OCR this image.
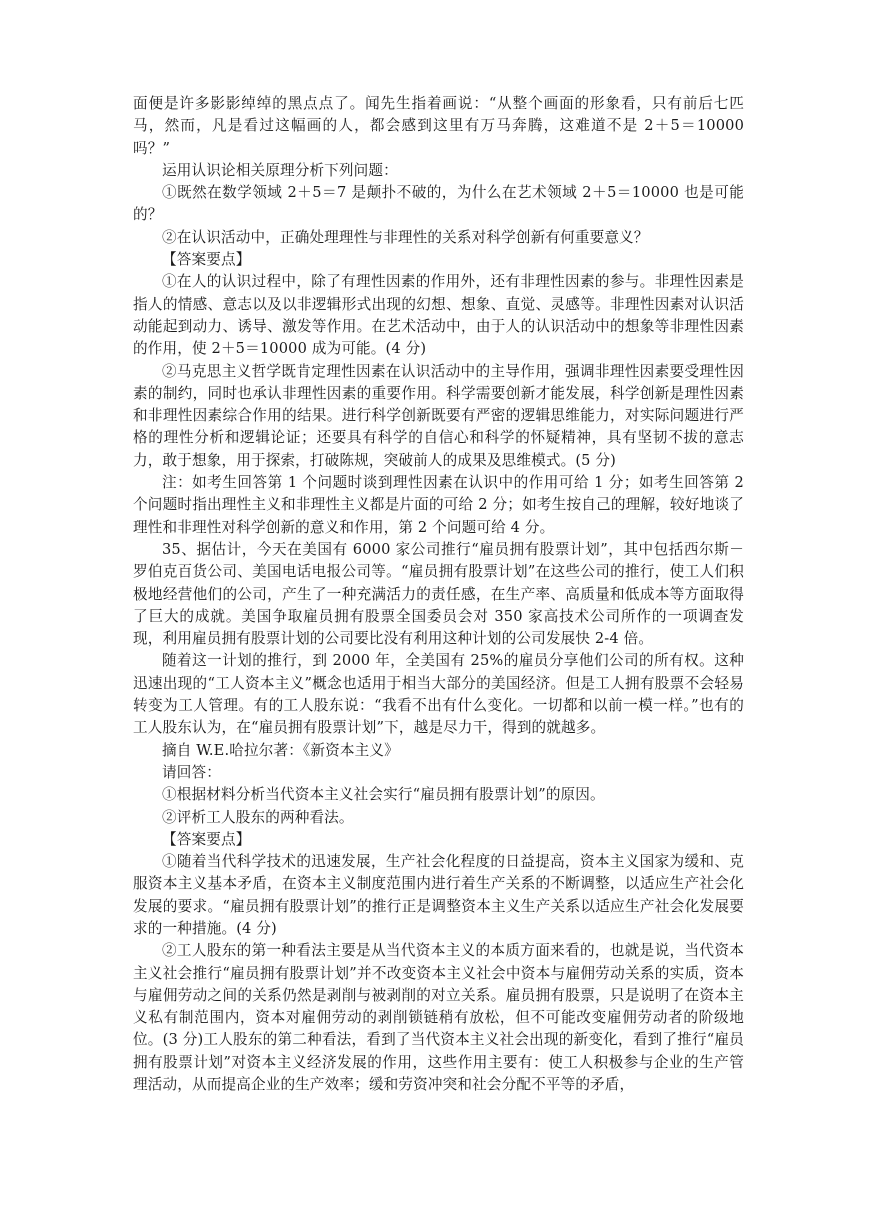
面便是许多影影绰绰的黑点点了。闻先生指着画说：“从整个画面的形象看，只有前后七匹马，然而，凡是看过这幅画的人，都会感到这里有万马奔腾，这难道不是 2＋5＝10000 吗？”

运用认识论相关原理分析下列问题：

①既然在数学领域 2＋5＝7 是颠扑不破的，为什么在艺术领域 2＋5＝10000 也是可能的？

②在认识活动中，正确处理理性与非理性的关系对科学创新有何重要意义？

【答案要点】

①在人的认识过程中，除了有理性因素的作用外，还有非理性因素的参与。非理性因素是指人的情感、意志以及以非逻辑形式出现的幻想、想象、直觉、灵感等。非理性因素对认识活动能起到动力、诱导、激发等作用。在艺术活动中，由于人的认识活动中的想象等非理性因素的作用，使 2＋5＝10000 成为可能。(4 分)

②马克思主义哲学既肯定理性因素在认识活动中的主导作用，强调非理性因素要受理性因素的制约，同时也承认非理性因素的重要作用。科学需要创新才能发展，科学创新是理性因素和非理性因素综合作用的结果。进行科学创新既要有严密的逻辑思维能力，对实际问题进行严格的理性分析和逻辑论证；还要具有科学的自信心和科学的怀疑精神，具有坚韧不拔的意志力，敢于想象，用于探索，打破陈规，突破前人的成果及思维模式。(5 分)

注：如考生回答第 1 个问题时谈到理性因素在认识中的作用可给 1 分；如考生回答第 2 个问题时指出理性主义和非理性主义都是片面的可给 2 分；如考生按自己的理解，较好地谈了理性和非理性对科学创新的意义和作用，第 2 个问题可给 4 分。

35、据估计，今天在美国有 6000 家公司推行“雇员拥有股票计划”，其中包括西尔斯－罗伯克百货公司、美国电话电报公司等。“雇员拥有股票计划”在这些公司的推行，使工人们积极地经营他们的公司，产生了一种充满活力的责任感，在生产率、高质量和低成本等方面取得了巨大的成就。美国争取雇员拥有股票全国委员会对 350 家高技术公司所作的一项调查发现，利用雇员拥有股票计划的公司要比没有利用这种计划的公司发展快 2-4 倍。

随着这一计划的推行，到 2000 年，全美国有 25%的雇员分享他们公司的所有权。这种迅速出现的“工人资本主义”概念也适用于相当大部分的美国经济。但是工人拥有股票不会轻易转变为工人管理。有的工人股东说：“我看不出有什么变化。一切都和以前一模一样。”也有的工人股东认为，在“雇员拥有股票计划”下，越是尽力干，得到的就越多。

摘自 W.E.哈拉尔著：《新资本主义》

请回答：

①根据材料分析当代资本主义社会实行“雇员拥有股票计划”的原因。

②评析工人股东的两种看法。

【答案要点】

①随着当代科学技术的迅速发展，生产社会化程度的日益提高，资本主义国家为缓和、克服资本主义基本矛盾，在资本主义制度范围内进行着生产关系的不断调整，以适应生产社会化发展的要求。“雇员拥有股票计划”的推行正是调整资本主义生产关系以适应生产社会化发展要求的一种措施。(4 分)

②工人股东的第一种看法主要是从当代资本主义的本质方面来看的，也就是说，当代资本主义社会推行“雇员拥有股票计划”并不改变资本主义社会中资本与雇佣劳动关系的实质，资本与雇佣劳动之间的关系仍然是剥削与被剥削的对立关系。雇员拥有股票，只是说明了在资本主义私有制范围内，资本对雇佣劳动的剥削锁链稍有放松，但不可能改变雇佣劳动者的阶级地位。(3 分)工人股东的第二种看法，看到了当代资本主义社会出现的新变化，看到了推行“雇员拥有股票计划”对资本主义经济发展的作用，这些作用主要有：使工人积极参与企业的生产管理活动，从而提高企业的生产效率；缓和劳资冲突和社会分配不平等的矛盾，
